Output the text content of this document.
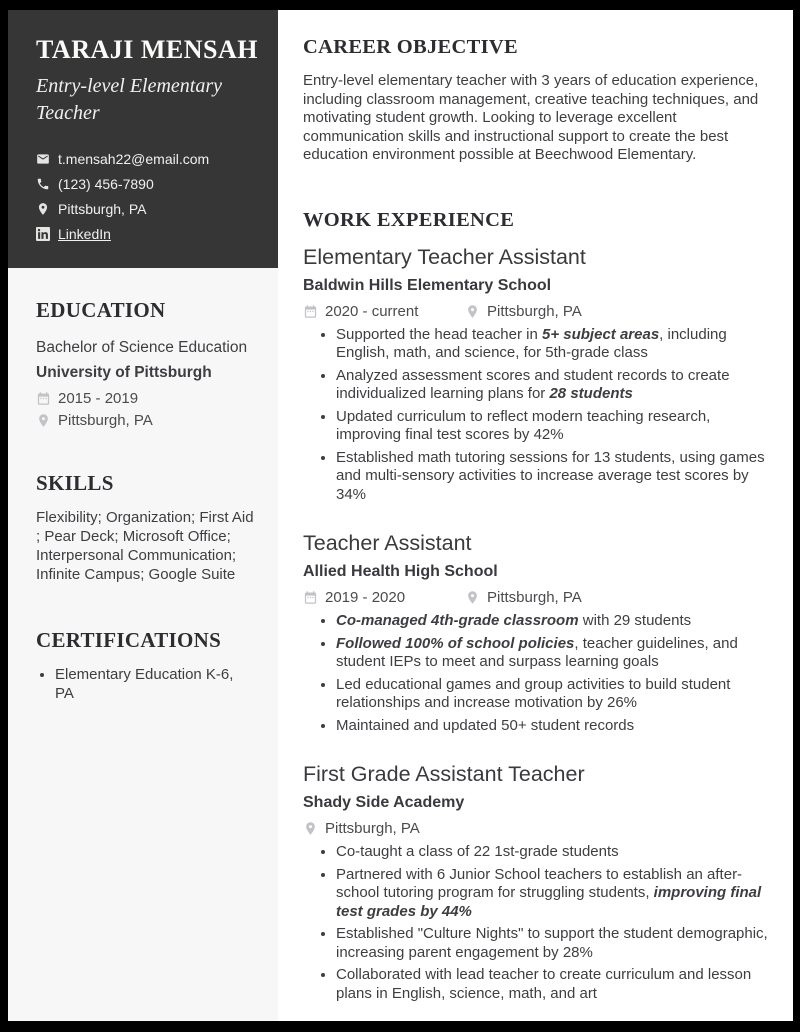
TARAJI MENSAH
Entry-level Elementary Teacher
t.mensah22@email.com
(123) 456-7890
Pittsburgh, PA
LinkedIn
EDUCATION

Bachelor of Science Education

University of Pittsburgh

2015 - 2019
Pittsburgh, PA
SKILLS

Flexibility; Organization; First Aid ; Pear Deck; Microsoft Office; Interpersonal Communication; Infinite Campus; Google Suite

CERTIFICATIONS
• Elementary Education K-6, PA
CAREER OBJECTIVE

Entry-level elementary teacher with 3 years of education experience, including classroom management, creative teaching techniques, and motivating student growth. Looking to leverage excellent communication skills and instructional support to create the best education environment possible at Beechwood Elementary.

WORK EXPERIENCE
Elementary Teacher Assistant
Baldwin Hills Elementary School
2020 - current	Pittsburgh, PA
• Supported the head teacher in 5+ subject areas, including English, math, and science, for 5th-grade class
• Analyzed assessment scores and student records to create individualized learning plans for 28 students
• Updated curriculum to reflect modern teaching research, improving final test scores by 42%
• Established math tutoring sessions for 13 students, using games and multi-sensory activities to increase average test scores by 34%
Teacher Assistant
Allied Health High School
2019 - 2020	Pittsburgh, PA
• Co-managed 4th-grade classroom with 29 students
• Followed 100% of school policies, teacher guidelines, and student IEPs to meet and surpass learning goals
• Led educational games and group activities to build student relationships and increase motivation by 26%
• Maintained and updated 50+ student records
First Grade Assistant Teacher
Shady Side Academy
Pittsburgh, PA
• Co-taught a class of 22 1st-grade students
• Partnered with 6 Junior School teachers to establish an after-school tutoring program for struggling students, improving final test grades by 44%
• Established "Culture Nights" to support the student demographic, increasing parent engagement by 28%
• Collaborated with lead teacher to create curriculum and lesson plans in English, science, math, and art
